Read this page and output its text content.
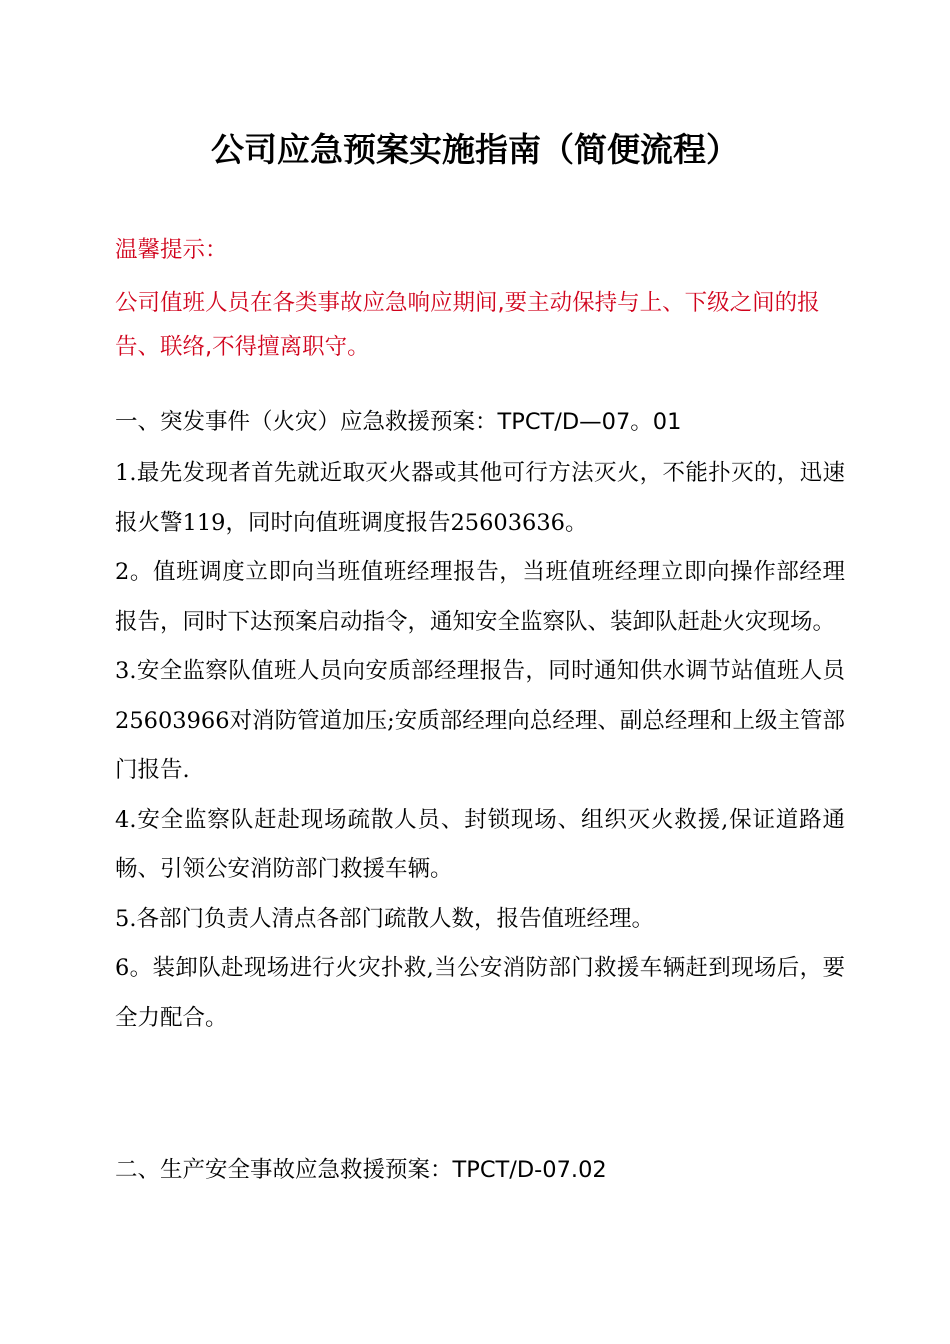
公司应急预案实施指南（简便流程）
温馨提示：
公司值班人员在各类事故应急响应期间,要主动保持与上、下级之间的报告、联络,不得擅离职守。
一、突发事件（火灾）应急救援预案：TPCT/D—07。01

1.最先发现者首先就近取灭火器或其他可行方法灭火，不能扑灭的，迅速报火警119，同时向值班调度报告25603636。

2。值班调度立即向当班值班经理报告，当班值班经理立即向操作部经理报告，同时下达预案启动指令，通知安全监察队、装卸队赶赴火灾现场。

3.安全监察队值班人员向安质部经理报告，同时通知供水调节站值班人员25603966对消防管道加压;安质部经理向总经理、副总经理和上级主管部门报告.

4.安全监察队赶赴现场疏散人员、封锁现场、组织灭火救援,保证道路通畅、引领公安消防部门救援车辆。

5.各部门负责人清点各部门疏散人数，报告值班经理。

6。装卸队赴现场进行火灾扑救,当公安消防部门救援车辆赶到现场后，要全力配合。

二、生产安全事故应急救援预案：TPCT/D-07.02
